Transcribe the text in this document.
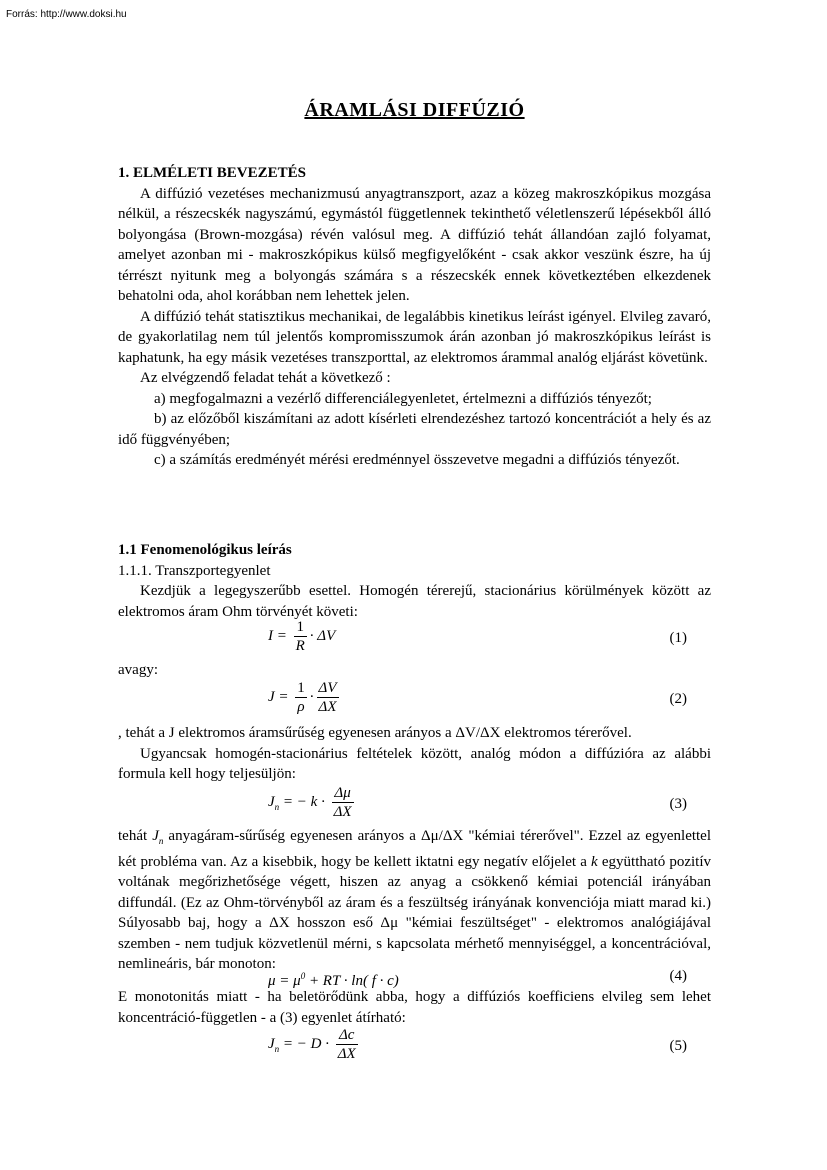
Forrás: http://www.doksi.hu
ÁRAMLÁSI DIFFÚZIÓ

1. ELMÉLETI BEVEZETÉS

A diffúzió vezetéses mechanizmusú anyagtranszport, azaz a közeg makroszkópikus mozgása nélkül, a részecskék nagyszámú, egymástól függetlennek tekinthető véletlenszerű lépésekből álló bolyongása (Brown-mozgása) révén valósul meg. A diffúzió tehát állandóan zajló folyamat, amelyet azonban mi - makroszkópikus külső megfigyelőként - csak akkor veszünk észre, ha új térrészt nyitunk meg a bolyongás számára s a részecskék ennek következtében elkezdenek behatolni oda, ahol korábban nem lehettek jelen.

A diffúzió tehát statisztikus mechanikai, de legalábbis kinetikus leírást igényel. Elvileg zavaró, de gyakorlatilag nem túl jelentős kompromisszumok árán azonban jó makroszkópikus leírást is kaphatunk, ha egy másik vezetéses transzporttal, az elektromos árammal analóg eljárást követünk.

Az elvégzendő feladat tehát a következő :

a) megfogalmazni a vezérlő differenciálegyenletet, értelmezni a diffúziós tényezőt;

b) az előzőből kiszámítani az adott kísérleti elrendezéshez tartozó koncentrációt a hely és az idő függvényében;

c) a számítás eredményét mérési eredménnyel összevetve megadni a diffúziós tényezőt.

1.1 Fenomenológikus leírás

1.1.1. Transzportegyenlet

Kezdjük a legegyszerűbb esettel. Homogén térerejű, stacionárius körülmények között az elektromos áram Ohm törvényét követi:

$I = \frac{1}{R} \cdot \Delta V$	(1)
avagy:
$J = \frac{1}{\rho} \cdot \frac{\Delta V}{\Delta X}$	(2)

, tehát a J elektromos áramsűrűség egyenesen arányos a ΔV/ΔX elektromos térerővel.

Ugyancsak homogén-stacionárius feltételek között, analóg módon a diffúzióra az alábbi formula kell hogy teljesüljön:

$J_n$ = − $k \cdot \frac{\Delta\mu}{\Delta X}$	(3)
tehát $J_n$ anyagáram-sűrűség egyenesen arányos a Δμ/ΔX "kémiai térerővel". Ezzel az egyenlettel két probléma van. Az a kisebbik, hogy be kellett iktatni egy negatív előjelet a k együttható pozitív voltának megőrizhetősége végett, hiszen az anyag a csökkenő kémiai potenciál irányában diffundál. (Ez az Ohm-törvényből az áram és a feszültség irányának konvenciója miatt marad ki.) Súlyosabb baj, hogy a ΔX hosszon eső Δμ "kémiai feszültséget" - elektromos analógiájával szemben - nem tudjuk közvetlenül mérni, s kapcsolata mérhető mennyiséggel, a koncentrációval, nemlineáris, bár monoton:
$\mu = \mu^0$ + RT · ln( f · c)	(4)
E monotonitás miatt - ha beletörődünk abba, hogy a diffúziós koefficiens elvileg sem lehet koncentráció-független - a (3) egyenlet átírható:
$J_n$ = − $D \cdot \frac{\Delta c}{\Delta X}$	(5)
